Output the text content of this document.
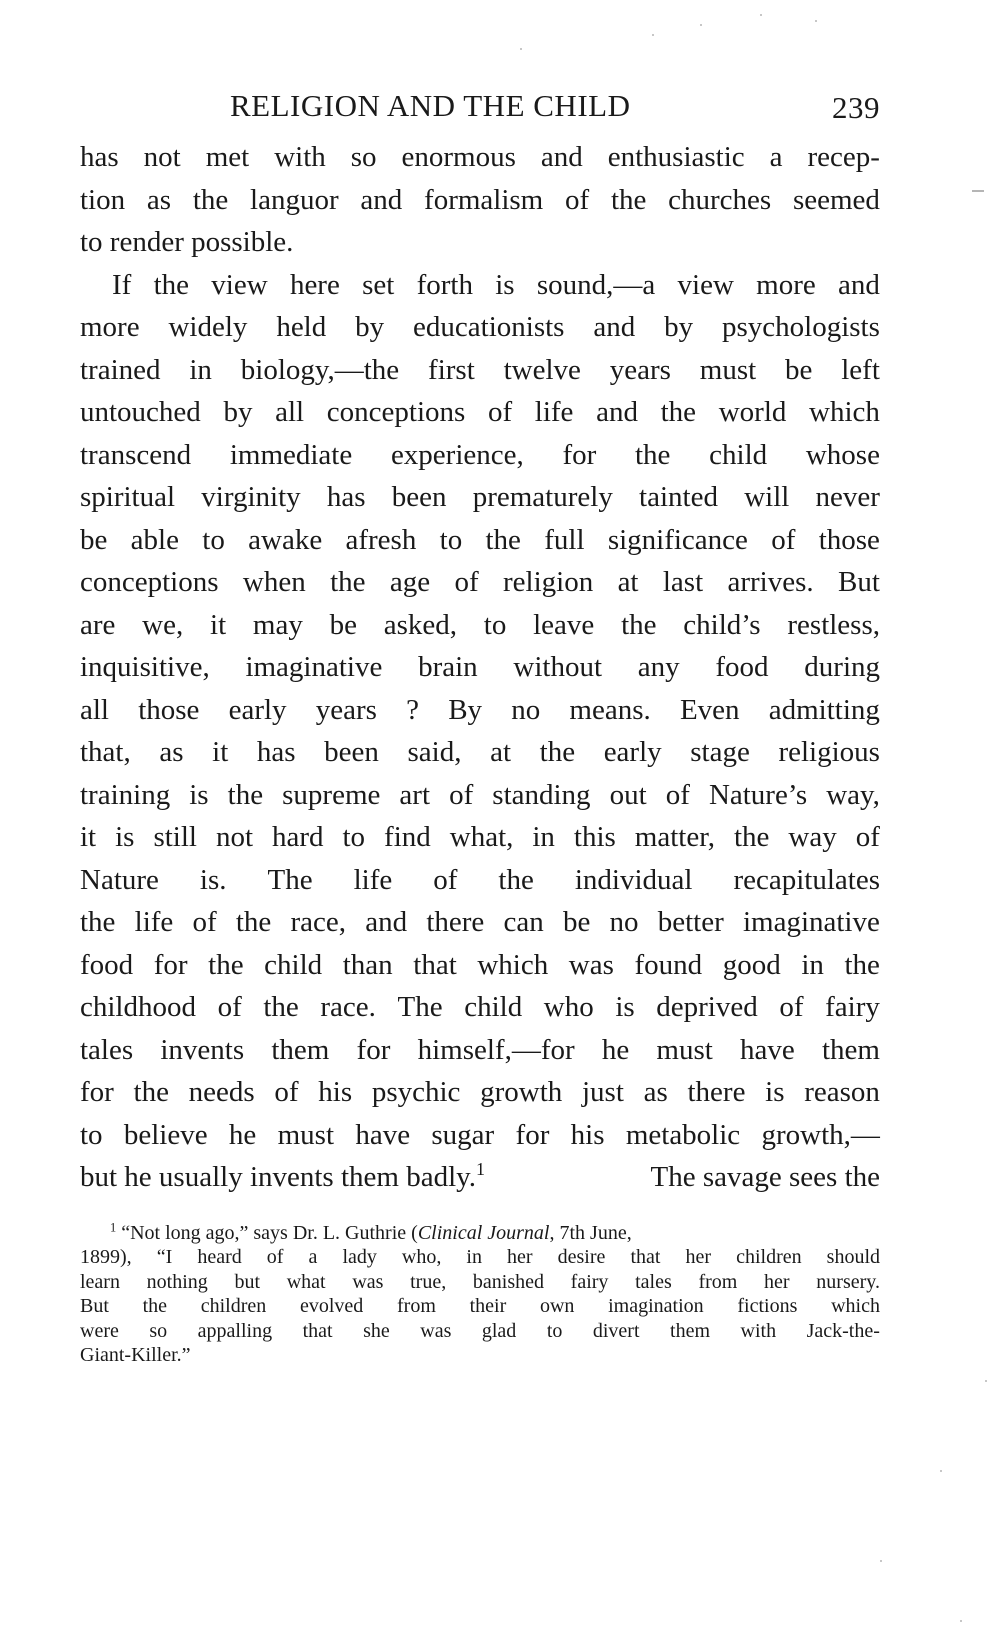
RELIGION AND THE CHILD	239
has not met with so enormous and enthusiastic a recep-
tion as the languor and formalism of the churches seemed
to render possible.
If the view here set forth is sound,—a view more and
more widely held by educationists and by psychologists
trained in biology,—the first twelve years must be left
untouched by all conceptions of life and the world which
transcend immediate experience, for the child whose
spiritual virginity has been prematurely tainted will never
be able to awake afresh to the full significance of those
conceptions when the age of religion at last arrives. But
are we, it may be asked, to leave the child’s restless,
inquisitive, imaginative brain without any food during
all those early years ? By no means. Even admitting
that, as it has been said, at the early stage religious
training is the supreme art of standing out of Nature’s way,
it is still not hard to find what, in this matter, the way of
Nature is. The life of the individual recapitulates
the life of the race, and there can be no better imaginative
food for the child than that which was found good in the
childhood of the race. The child who is deprived of fairy
tales invents them for himself,—for he must have them
for the needs of his psychic growth just as there is reason
to believe he must have sugar for his metabolic growth,—
but he usually invents them badly.$^1$	The savage sees the
$^1$ “Not long ago,” says Dr. L. Guthrie (Clinical Journal, 7th June,
1899), “I heard of a lady who, in her desire that her children should
learn nothing but what was true, banished fairy tales from her nursery.
But the children evolved from their own imagination fictions which
were so appalling that she was glad to divert them with Jack-the-
Giant-Killer.”
